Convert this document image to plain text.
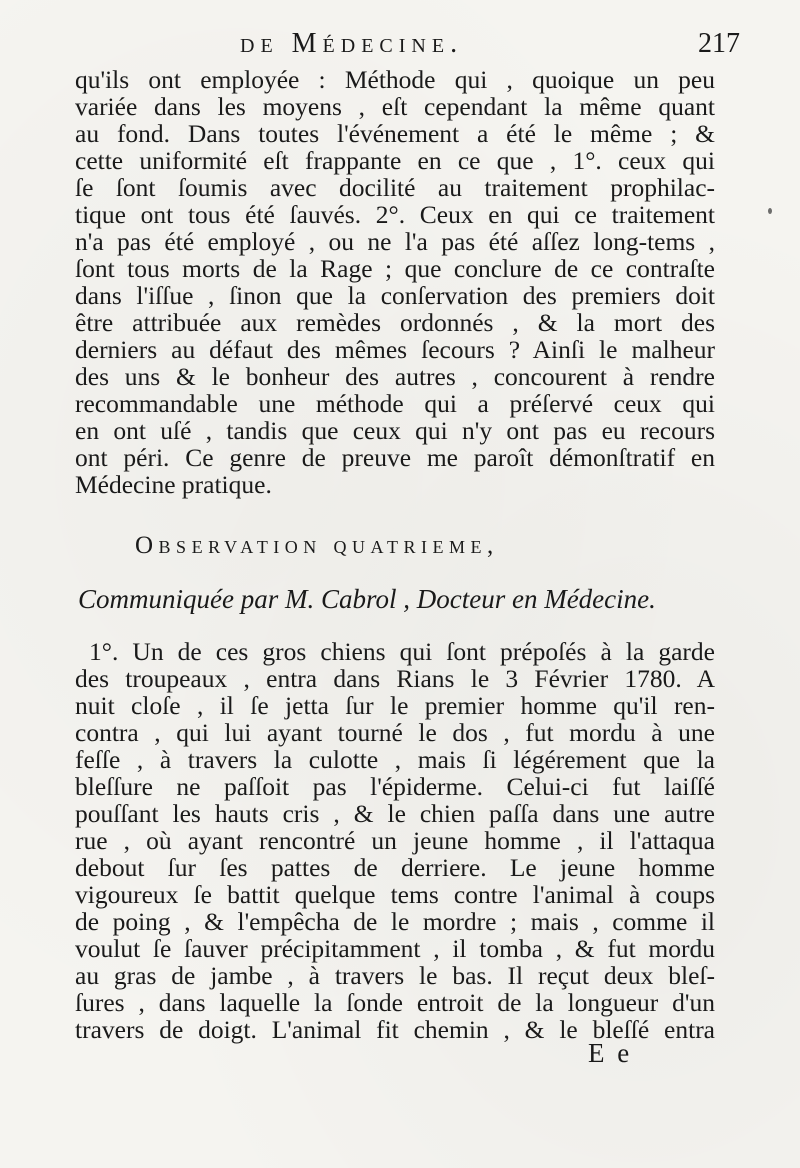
de Médecine.	217
qu'ils ont employée : Méthode qui , quoique un peu
variée dans les moyens , eſt cependant la même quant
au fond. Dans toutes l'événement a été le même ; &
cette uniformité eſt frappante en ce que , 1°. ceux qui
ſe ſont ſoumis avec docilité au traitement prophilac-
tique ont tous été ſauvés. 2°. Ceux en qui ce traitement
n'a pas été employé , ou ne l'a pas été aſſez long-tems ,
ſont tous morts de la Rage ; que conclure de ce contraſte
dans l'iſſue , ſinon que la conſervation des premiers doit
être attribuée aux remèdes ordonnés , & la mort des
derniers au défaut des mêmes ſecours ? Ainſi le malheur
des uns & le bonheur des autres , concourent à rendre
recommandable une méthode qui a préſervé ceux qui
en ont uſé , tandis que ceux qui n'y ont pas eu recours
ont péri. Ce genre de preuve me paroît démonſtratif en
Médecine pratique.
Observation quatrieme,
Communiquée par M. Cabrol , Docteur en Médecine.
1°. Un de ces gros chiens qui ſont prépoſés à la garde
des troupeaux , entra dans Rians le 3 Février 1780. A
nuit cloſe , il ſe jetta ſur le premier homme qu'il ren-
contra , qui lui ayant tourné le dos , fut mordu à une
feſſe , à travers la culotte , mais ſi légérement que la
bleſſure ne paſſoit pas l'épiderme. Celui-ci fut laiſſé
pouſſant les hauts cris , & le chien paſſa dans une autre
rue , où ayant rencontré un jeune homme , il l'attaqua
debout ſur ſes pattes de derriere. Le jeune homme
vigoureux ſe battit quelque tems contre l'animal à coups
de poing , & l'empêcha de le mordre ; mais , comme il
voulut ſe ſauver précipitamment , il tomba , & fut mordu
au gras de jambe , à travers le bas. Il reçut deux bleſ-
ſures , dans laquelle la ſonde entroit de la longueur d'un
travers de doigt. L'animal fit chemin , & le bleſſé entra
E e
